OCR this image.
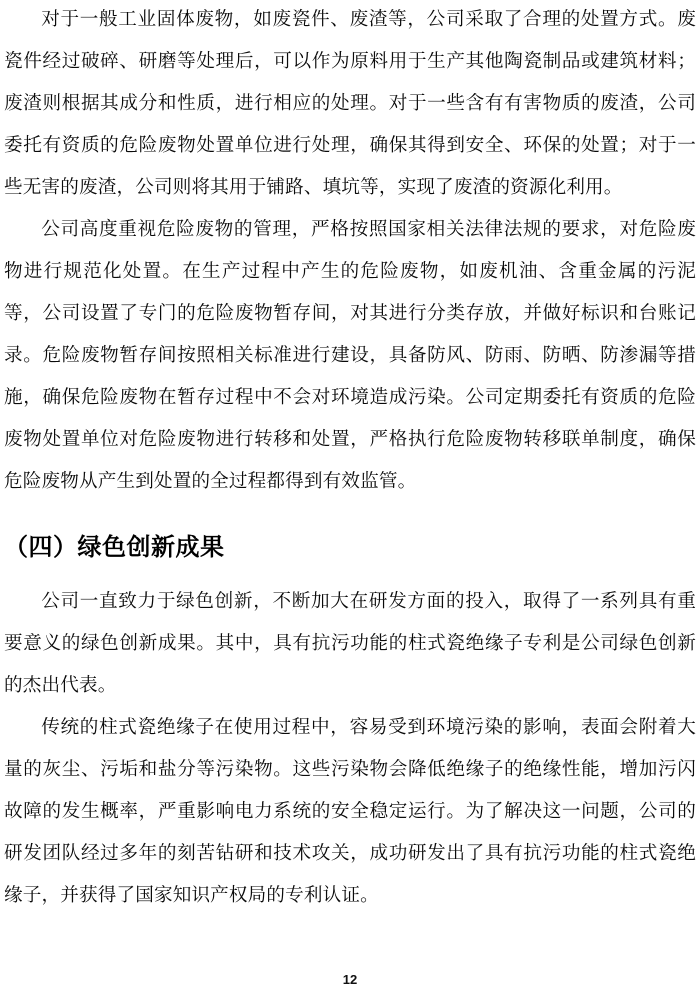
对于一般工业固体废物，如废瓷件、废渣等，公司采取了合理的处置方式。废瓷件经过破碎、研磨等处理后，可以作为原料用于生产其他陶瓷制品或建筑材料；废渣则根据其成分和性质，进行相应的处理。对于一些含有有害物质的废渣，公司委托有资质的危险废物处置单位进行处理，确保其得到安全、环保的处置；对于一些无害的废渣，公司则将其用于铺路、填坑等，实现了废渣的资源化利用。

公司高度重视危险废物的管理，严格按照国家相关法律法规的要求，对危险废物进行规范化处置。在生产过程中产生的危险废物，如废机油、含重金属的污泥等，公司设置了专门的危险废物暂存间，对其进行分类存放，并做好标识和台账记录。危险废物暂存间按照相关标准进行建设，具备防风、防雨、防晒、防渗漏等措施，确保危险废物在暂存过程中不会对环境造成污染。公司定期委托有资质的危险废物处置单位对危险废物进行转移和处置，严格执行危险废物转移联单制度，确保危险废物从产生到处置的全过程都得到有效监管。

（四）绿色创新成果

公司一直致力于绿色创新，不断加大在研发方面的投入，取得了一系列具有重要意义的绿色创新成果。其中，具有抗污功能的柱式瓷绝缘子专利是公司绿色创新的杰出代表。

传统的柱式瓷绝缘子在使用过程中，容易受到环境污染的影响，表面会附着大量的灰尘、污垢和盐分等污染物。这些污染物会降低绝缘子的绝缘性能，增加污闪故障的发生概率，严重影响电力系统的安全稳定运行。为了解决这一问题，公司的研发团队经过多年的刻苦钻研和技术攻关，成功研发出了具有抗污功能的柱式瓷绝缘子，并获得了国家知识产权局的专利认证。

12
